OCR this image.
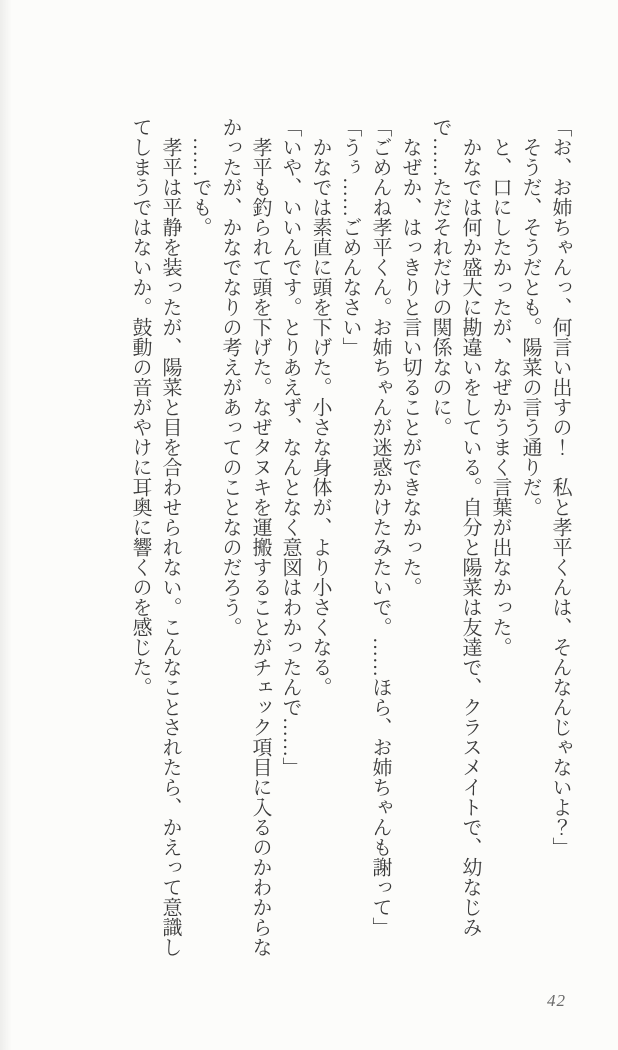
「お、お姉ちゃんっ、何言い出すの！　私と孝平くんは、そんなんじゃないよ？」

そうだ、そうだとも。陽菜の言う通りだ。

と、口にしたかったが、なぜかうまく言葉が出なかった。

かなでは何か盛大に勘違いをしている。自分と陽菜は友達で、クラスメイトで、幼なじみで……ただそれだけの関係なのに。

なぜか、はっきりと言い切ることができなかった。

「ごめんね孝平くん。お姉ちゃんが迷惑かけたみたいで。……ほら、お姉ちゃんも謝って」

「うぅ……ごめんなさい」

かなでは素直に頭を下げた。小さな身体が、より小さくなる。

「いや、いいんです。とりあえず、なんとなく意図はわかったんで……」

孝平も釣られて頭を下げた。なぜタヌキを運搬することがチェック項目に入るのかわからなかったが、かなでなりの考えがあってのことなのだろう。

……でも。

孝平は平静を装ったが、陽菜と目を合わせられない。こんなことされたら、かえって意識してしまうではないか。鼓動の音がやけに耳奥に響くのを感じた。

42
